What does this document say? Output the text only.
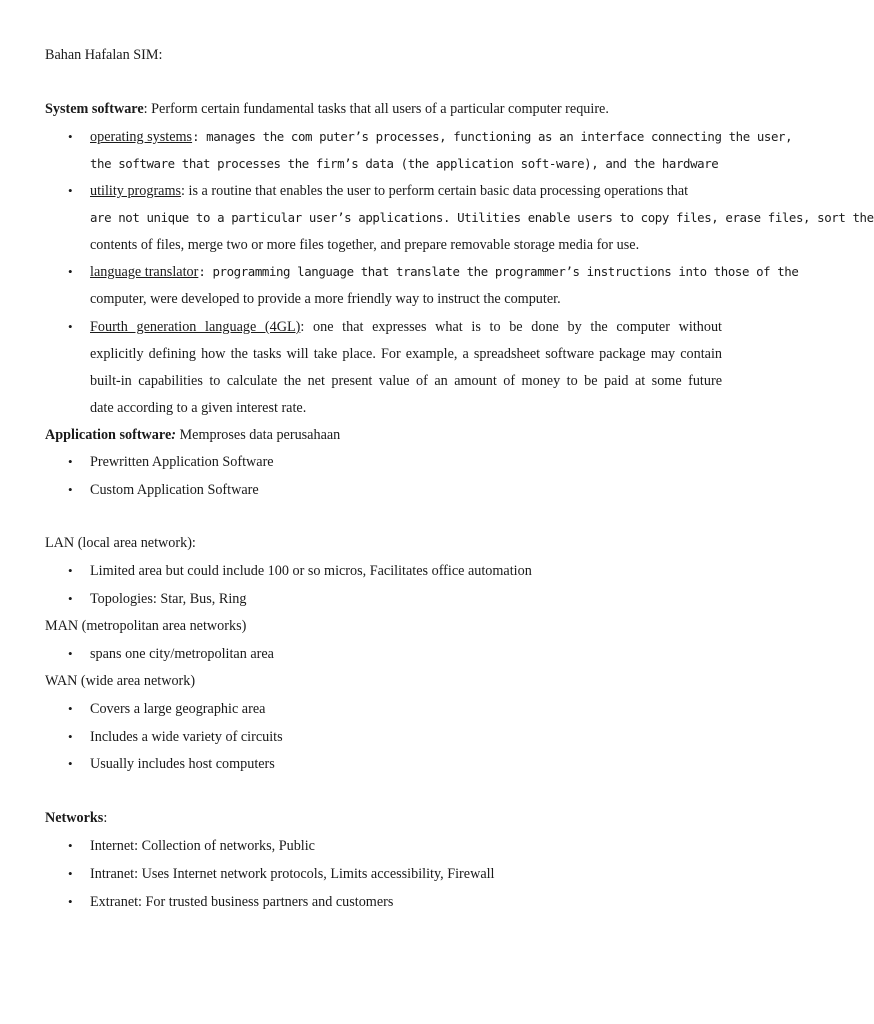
Bahan Hafalan SIM:
System software: Perform certain fundamental tasks that all users of a particular computer require.
• operating systems: manages the com puter’s processes, functioning as an interface connecting the user,
the software that processes the firm’s data (the application soft-ware), and the hardware
• utility programs: is a routine that enables the user to perform certain basic data processing operations that
are not unique to a particular user’s applications. Utilities enable users to copy files, erase files, sort the
contents of files, merge two or more files together, and prepare removable storage media for use.
• language translator: programming language that translate the programmer’s instructions into those of the
computer, were developed to provide a more friendly way to instruct the computer.
• Fourth generation language (4GL): one that expresses what is to be done by the computer without
explicitly defining how the tasks will take place. For example, a spreadsheet software package may contain
built-in capabilities to calculate the net present value of an amount of money to be paid at some future
date according to a given interest rate.
Application software: Memproses data perusahaan
• Prewritten Application Software
• Custom Application Software
LAN (local area network):
• Limited area but could include 100 or so micros, Facilitates office automation
• Topologies: Star, Bus, Ring
MAN (metropolitan area networks)
• spans one city/metropolitan area
WAN (wide area network)
• Covers a large geographic area
• Includes a wide variety of circuits
• Usually includes host computers
Networks:
• Internet: Collection of networks, Public
• Intranet: Uses Internet network protocols, Limits accessibility, Firewall
• Extranet: For trusted business partners and customers
